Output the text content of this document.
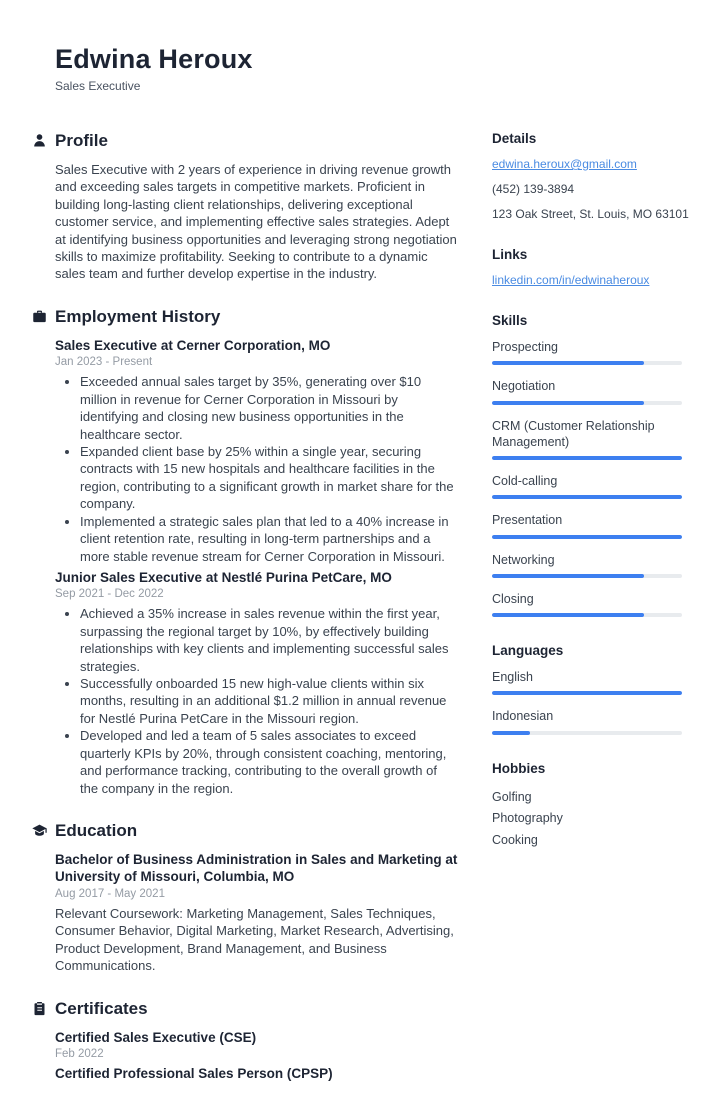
Edwina Heroux
Sales Executive
Profile

Sales Executive with 2 years of experience in driving revenue growth and exceeding sales targets in competitive markets. Proficient in building long-lasting client relationships, delivering exceptional customer service, and implementing effective sales strategies. Adept at identifying business opportunities and leveraging strong negotiation skills to maximize profitability. Seeking to contribute to a dynamic sales team and further develop expertise in the industry.

Employment History
Sales Executive at Cerner Corporation, MO
Jan 2023 - Present
• Exceeded annual sales target by 35%, generating over $10 million in revenue for Cerner Corporation in Missouri by identifying and closing new business opportunities in the healthcare sector.
• Expanded client base by 25% within a single year, securing contracts with 15 new hospitals and healthcare facilities in the region, contributing to a significant growth in market share for the company.
• Implemented a strategic sales plan that led to a 40% increase in client retention rate, resulting in long-term partnerships and a more stable revenue stream for Cerner Corporation in Missouri.
Junior Sales Executive at Nestlé Purina PetCare, MO
Sep 2021 - Dec 2022
• Achieved a 35% increase in sales revenue within the first year, surpassing the regional target by 10%, by effectively building relationships with key clients and implementing successful sales strategies.
• Successfully onboarded 15 new high-value clients within six months, resulting in an additional $1.2 million in annual revenue for Nestlé Purina PetCare in the Missouri region.
• Developed and led a team of 5 sales associates to exceed quarterly KPIs by 20%, through consistent coaching, mentoring, and performance tracking, contributing to the overall growth of the company in the region.
Education
Bachelor of Business Administration in Sales and Marketing at University of Missouri, Columbia, MO
Aug 2017 - May 2021

Relevant Coursework: Marketing Management, Sales Techniques, Consumer Behavior, Digital Marketing, Market Research, Advertising, Product Development, Brand Management, and Business Communications.

Certificates
Certified Sales Executive (CSE)
Feb 2022
Certified Professional Sales Person (CPSP)
Details
edwina.heroux@gmail.com
(452) 139-3894
123 Oak Street, St. Louis, MO 63101
Links
linkedin.com/in/edwinaheroux
Skills
Prospecting
Negotiation
CRM (Customer Relationship Management)
Cold-calling
Presentation
Networking
Closing
Languages
English
Indonesian
Hobbies
Golfing
Photography
Cooking
